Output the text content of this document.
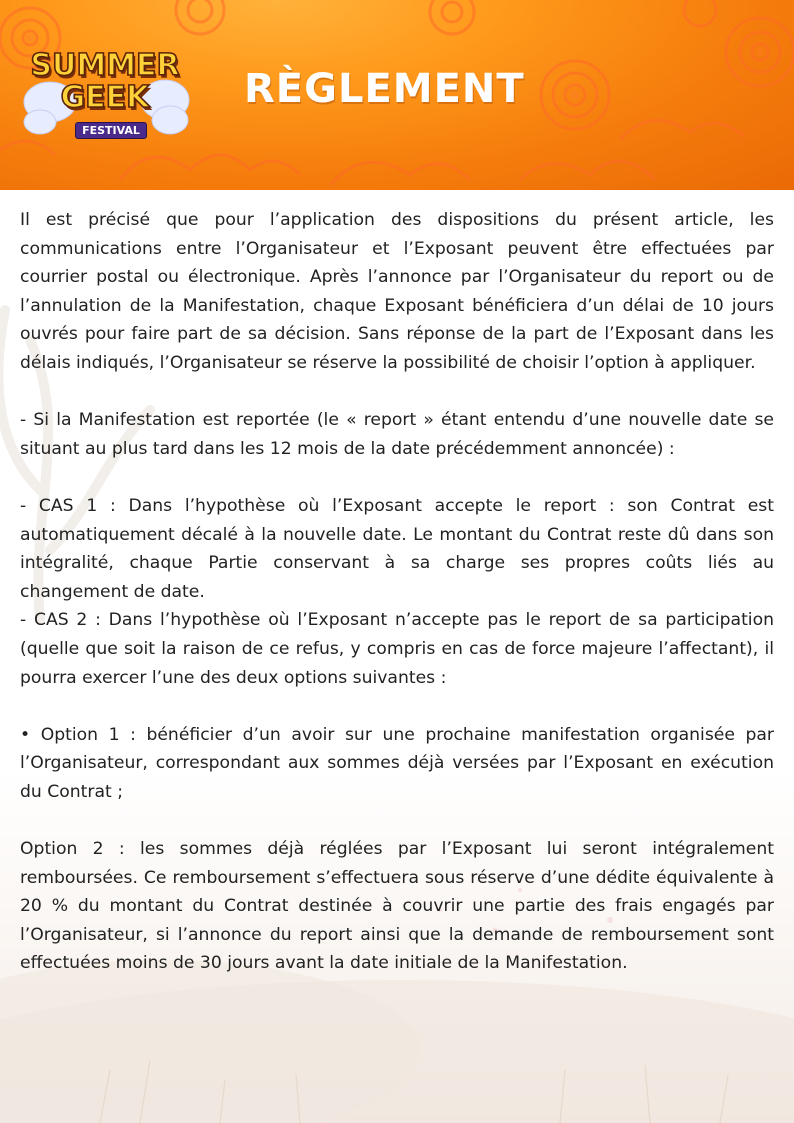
SUMMER
GEEK
FESTIVAL
RÈGLEMENT

Il est précisé que pour l’application des dispositions du présent article, les communications entre l’Organisateur et l’Exposant peuvent être effectuées par courrier postal ou électronique. Après l’annonce par l’Organisateur du report ou de l’annulation de la Manifestation, chaque Exposant bénéficiera d’un délai de 10 jours ouvrés pour faire part de sa décision. Sans réponse de la part de l’Exposant dans les délais indiqués, l’Organisateur se réserve la possibilité de choisir l’option à appliquer.

- Si la Manifestation est reportée (le « report » étant entendu d’une nouvelle date se situant au plus tard dans les 12 mois de la date précédemment annoncée) :

- CAS 1 : Dans l’hypothèse où l’Exposant accepte le report : son Contrat est automatiquement décalé à la nouvelle date. Le montant du Contrat reste dû dans son intégralité, chaque Partie conservant à sa charge ses propres coûts liés au changement de date.

- CAS 2 : Dans l’hypothèse où l’Exposant n’accepte pas le report de sa participation (quelle que soit la raison de ce refus, y compris en cas de force majeure l’affectant), il pourra exercer l’une des deux options suivantes :

• Option 1 : bénéficier d’un avoir sur une prochaine manifestation organisée par l’Organisateur, correspondant aux sommes déjà versées par l’Exposant en exécution du Contrat ;

Option 2 : les sommes déjà réglées par l’Exposant lui seront intégralement remboursées. Ce remboursement s’effectuera sous réserve d’une dédite équivalente à 20 % du montant du Contrat destinée à couvrir une partie des frais engagés par l’Organisateur, si l’annonce du report ainsi que la demande de remboursement sont effectuées moins de 30 jours avant la date initiale de la Manifestation.
